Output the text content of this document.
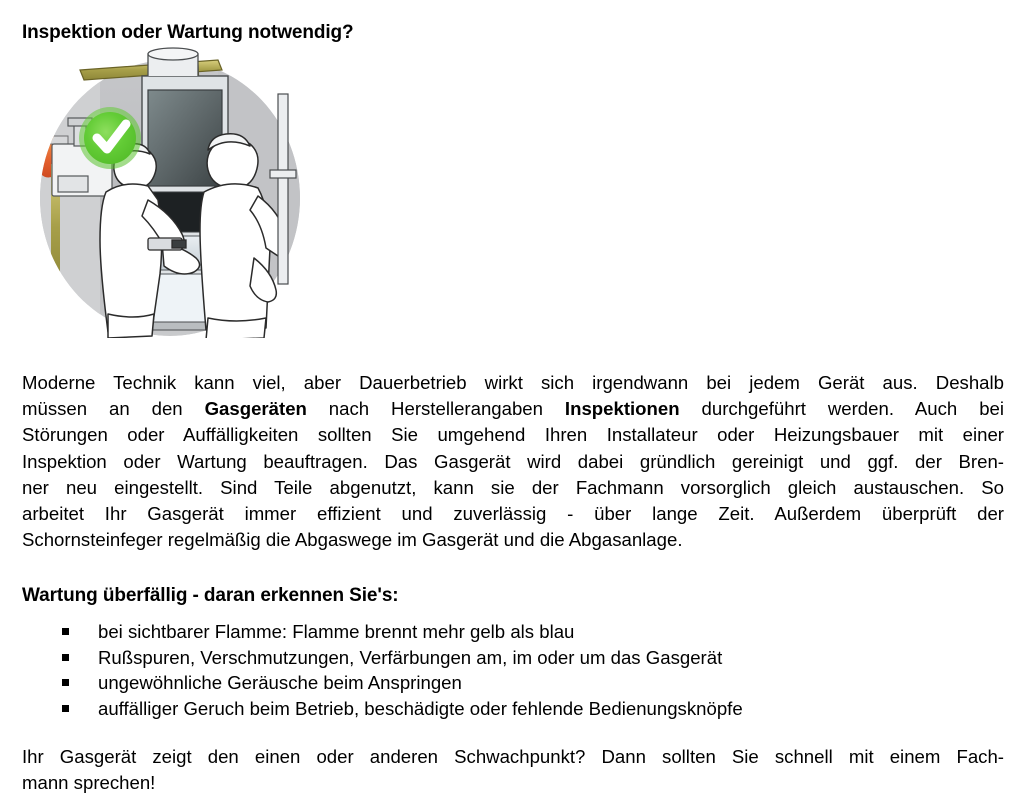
Inspektion oder Wartung notwendig?
Moderne Technik kann viel, aber Dauerbetrieb wirkt sich irgendwann bei jedem Gerät aus. Deshalb
müssen an den Gasgeräten nach Herstellerangaben Inspektionen durchgeführt werden. Auch bei
Störungen oder Auffälligkeiten sollten Sie umgehend Ihren Installateur oder Heizungsbauer mit einer
Inspektion oder Wartung beauftragen. Das Gasgerät wird dabei gründlich gereinigt und ggf. der Bren-
ner neu eingestellt. Sind Teile abgenutzt, kann sie der Fachmann vorsorglich gleich austauschen. So
arbeitet Ihr Gasgerät immer effizient und zuverlässig - über lange Zeit. Außerdem überprüft der
Schornsteinfeger regelmäßig die Abgaswege im Gasgerät und die Abgasanlage.
Wartung überfällig - daran erkennen Sie's:
bei sichtbarer Flamme: Flamme brennt mehr gelb als blau
Rußspuren, Verschmutzungen, Verfärbungen am, im oder um das Gasgerät
ungewöhnliche Geräusche beim Anspringen
auffälliger Geruch beim Betrieb, beschädigte oder fehlende Bedienungsknöpfe
Ihr Gasgerät zeigt den einen oder anderen Schwachpunkt? Dann sollten Sie schnell mit einem Fach-
mann sprechen!
